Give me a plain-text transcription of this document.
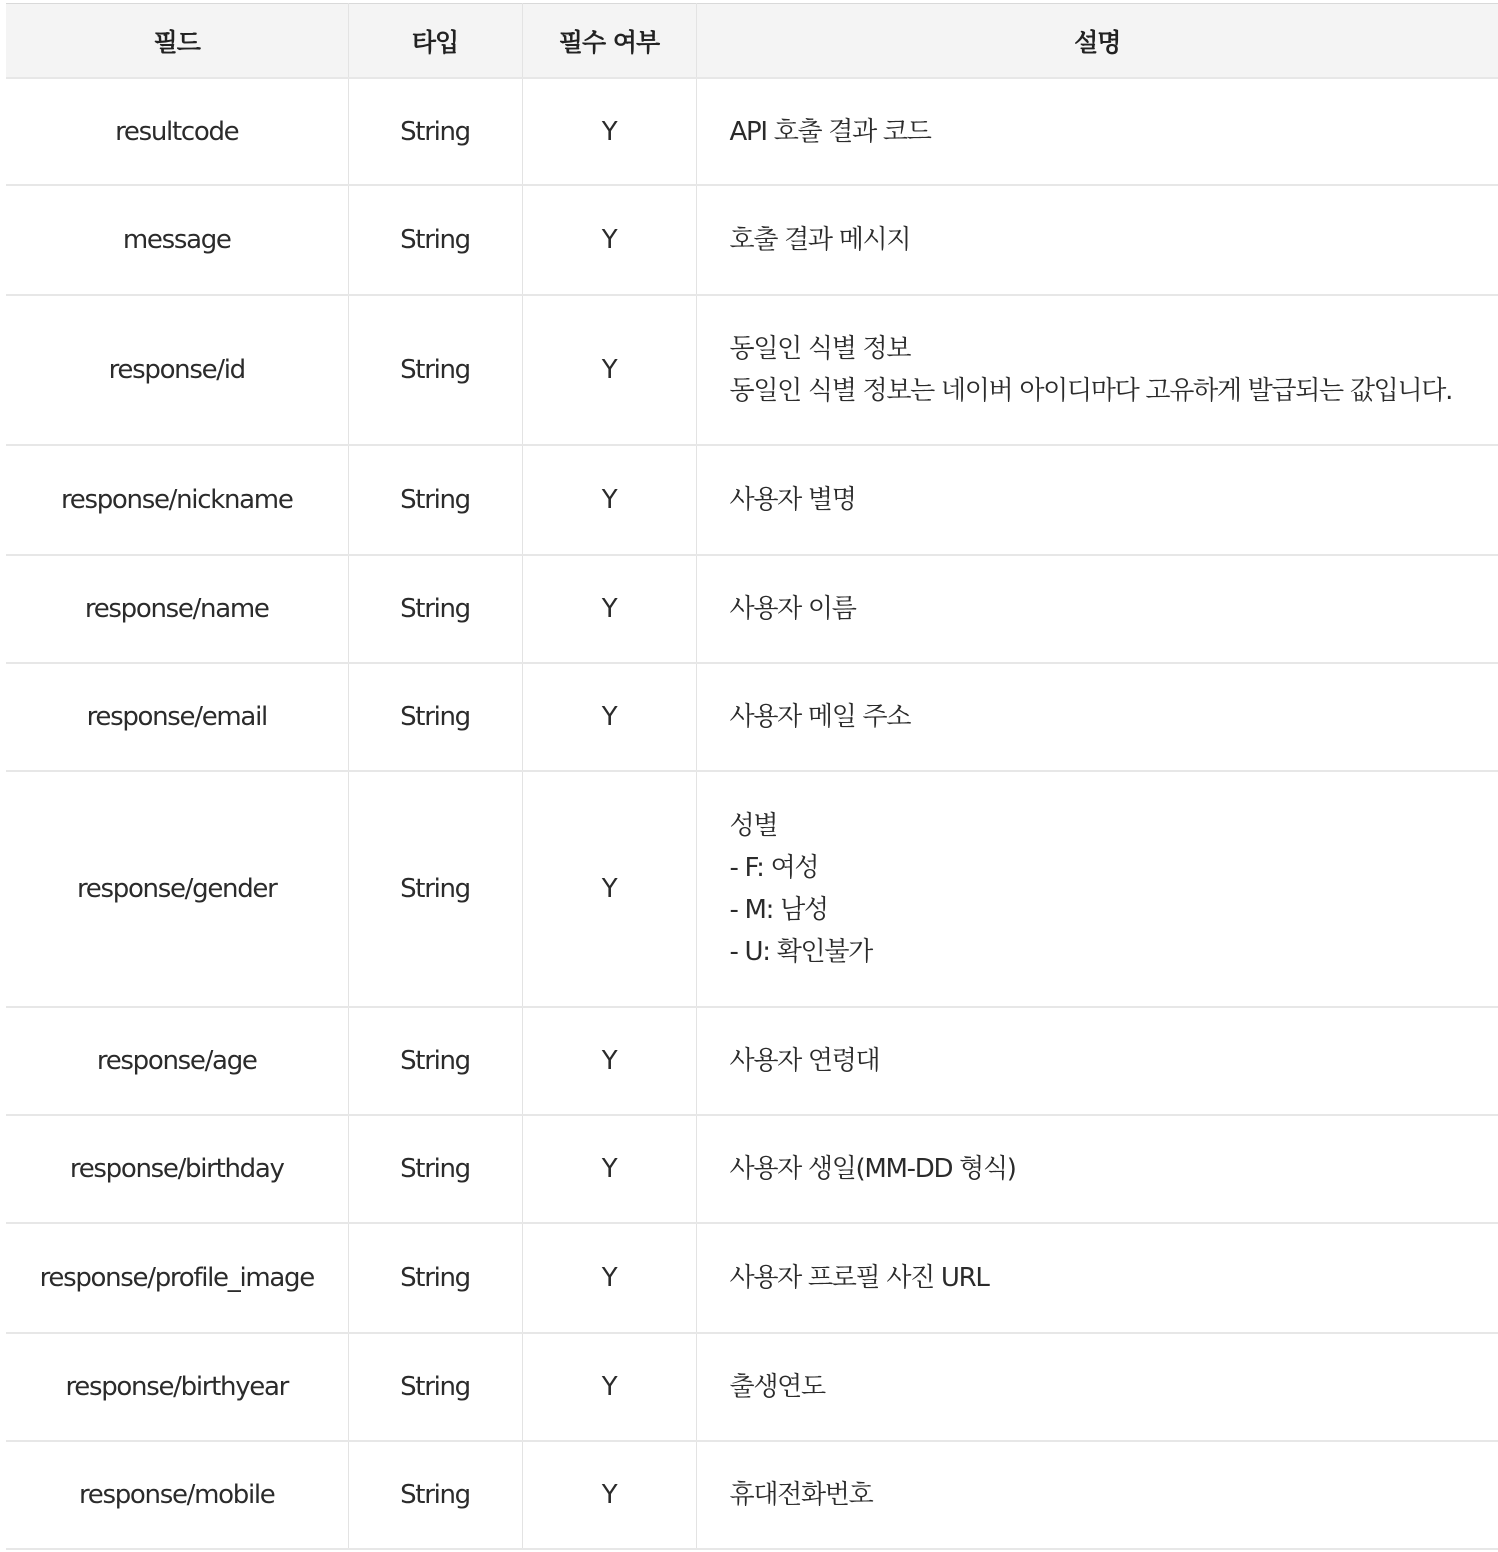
필드	타입	필수 여부	설명
resultcode	String	Y	API 호출 결과 코드

message	String	Y	호출 결과 메시지

response/id	String	Y	동일인 식별 정보
동일인 식별 정보는 네이버 아이디마다 고유하게 발급되는 값입니다.

response/nickname	String	Y	사용자 별명

response/name	String	Y	사용자 이름

response/email	String	Y	사용자 메일 주소

response/gender	String	Y	성별
- F: 여성
- M: 남성
- U: 확인불가

response/age	String	Y	사용자 연령대

response/birthday	String	Y	사용자 생일(MM-DD 형식)

response/profile_image	String	Y	사용자 프로필 사진 URL

response/birthyear	String	Y	출생연도

response/mobile	String	Y	휴대전화번호
